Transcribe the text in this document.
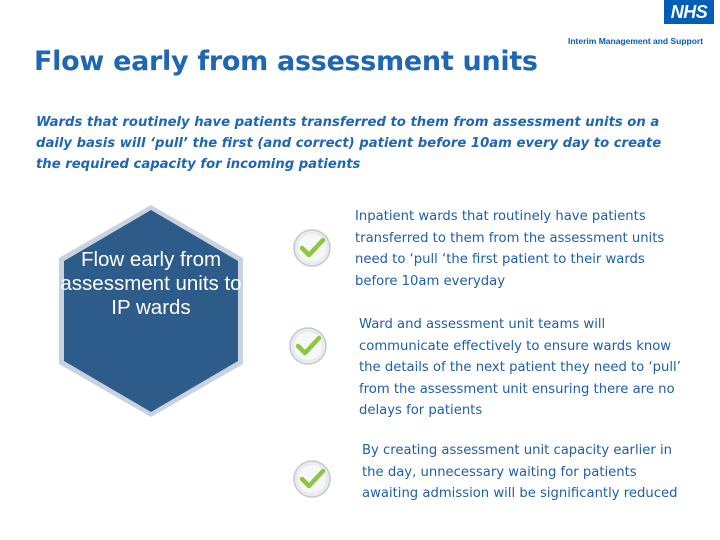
NHS
Interim Management and Support
Flow early from assessment units
Wards that routinely have patients transferred to them from assessment units on a daily basis will ‘pull’ the first (and correct) patient before 10am every day to create the required capacity for incoming patients
Flow early from assessment units to IP wards
Inpatient wards that routinely have patients transferred to them from the assessment units need to ‘pull ‘the first patient to their wards before 10am everyday
Ward and assessment unit teams will communicate effectively to ensure wards know the details of the next patient they need to ‘pull’ from the assessment unit ensuring there are no delays for patients
By creating assessment unit capacity earlier in the day, unnecessary waiting for patients awaiting admission will be significantly reduced
